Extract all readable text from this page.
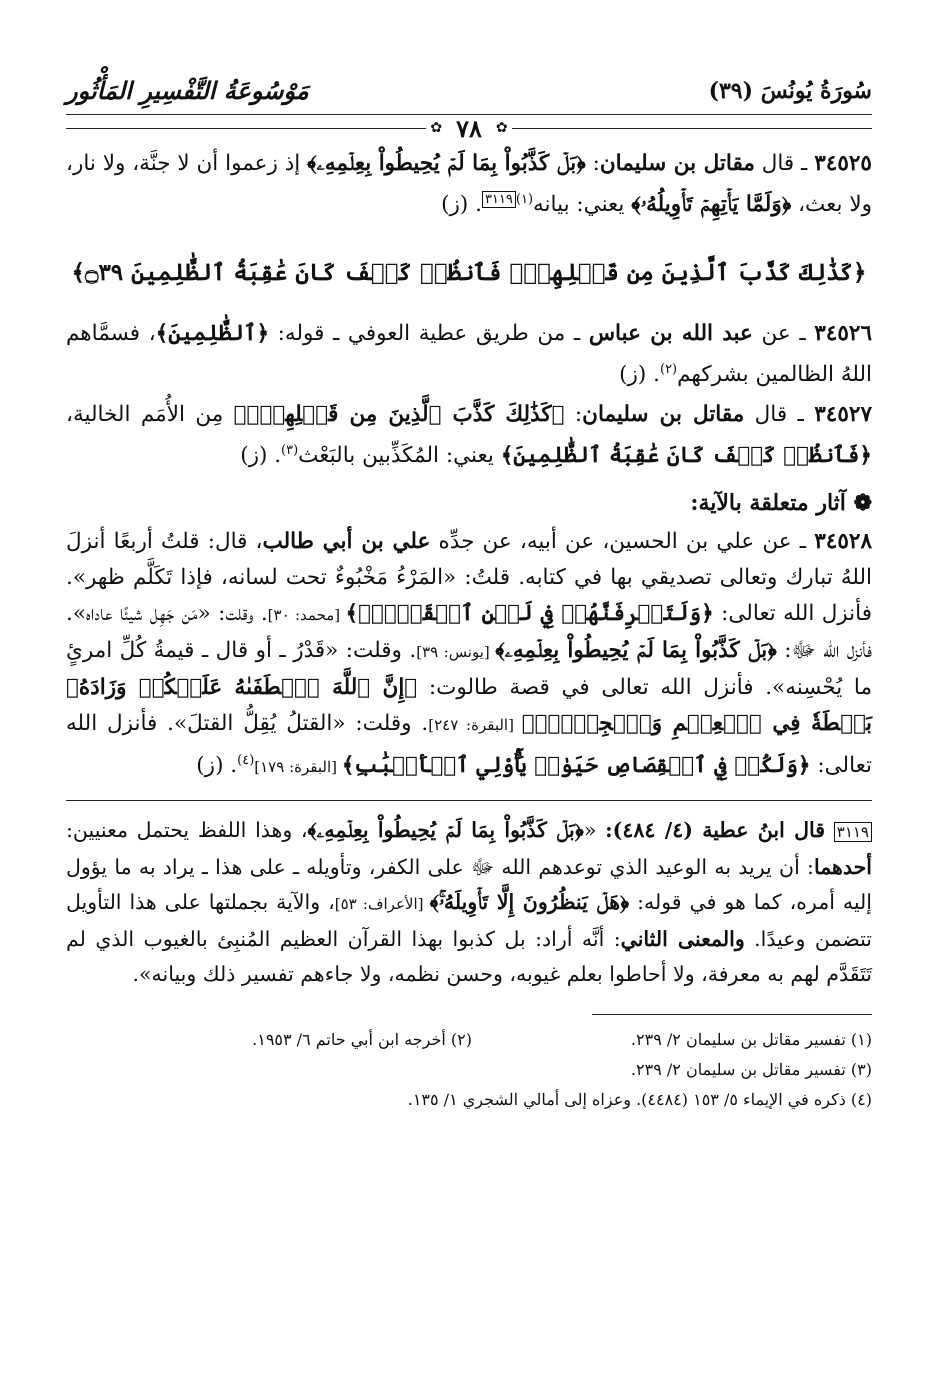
سُورَةُ يُونُسَ (٣٩)
مَوْسُوعَةُ التَّفْسِيرِ المَأْثُور
✿
٧٨
✿

٣٤٥٢٥ ـ قال مقاتل بن سليمان: ﴿بَلۡ كَذَّبُواْ بِمَا لَمۡ يُحِيطُواْ بِعِلۡمِهِۦ﴾ إذ زعموا أن لا جنَّة، ولا نار، ولا بعث، ﴿وَلَمَّا يَأۡتِهِمۡ تَأۡوِيلُهُۥ﴾ يعني: بيانه$^{(١)٣١١٩}$. (ز)

﴿كَذَٰلِكَ كَذَّبَ ٱلَّذِينَ مِن قَبۡلِهِمۡۖ فَٱنظُرۡ كَيۡفَ كَانَ عَٰقِبَةُ ٱلظَّٰلِمِينَ ۝٣٩﴾

٣٤٥٢٦ ـ عن عبد الله بن عباس ـ من طريق عطية العوفي ـ قوله: ﴿ٱلظَّٰلِمِينَ﴾، فسمَّاهم اللهُ الظالمين بشركهم$^{(٢)}$. (ز)

٣٤٥٢٧ ـ قال مقاتل بن سليمان: ﴿كَذَٰلِكَ كَذَّبَ ٱلَّذِينَ مِن قَبۡلِهِمۡۖ﴾ مِن الأُمَم الخالية، ﴿فَٱنظُرۡ كَيۡفَ كَانَ عَٰقِبَةُ ٱلظَّٰلِمِينَ﴾ يعني: المُكَذِّبين بالبَعْث$^{(٣)}$. (ز)

❁ آثار متعلقة بالآية:

٣٤٥٢٨ ـ عن علي بن الحسين، عن أبيه، عن جدِّه علي بن أبي طالب، قال: قلتُ أربعًا أنزلَ اللهُ تبارك وتعالى تصديقي بها في كتابه. قلتُ: «المَرْءُ مَخْبُوءٌ تحت لسانه، فإذا تَكَلَّم ظهر». فأنزل الله تعالى: ﴿وَلَتَعۡرِفَنَّهُمۡ فِي لَحۡنِ ٱلۡقَوۡلِۚ﴾ [محمد: ٣٠]. وقلت: «مَن جَهِل شيئًا عاداه». فأنزل الله ﷻ: ﴿بَلۡ كَذَّبُواْ بِمَا لَمۡ يُحِيطُواْ بِعِلۡمِهِۦ﴾ [يونس: ٣٩]. وقلت: «قَدْرُ ـ أو قال ـ قيمةُ كُلِّ امرئٍ ما يُحْسِنه». فأنزل الله تعالى في قصة طالوت: ﴿إِنَّ ٱللَّهَ ٱصۡطَفَىٰهُ عَلَيۡكُمۡ وَزَادَهُۥ بَسۡطَةٗ فِي ٱلۡعِلۡمِ وَٱلۡجِسۡمِۖ﴾ [البقرة: ٢٤٧]. وقلت: «القتلُ يُقِلُّ القتلَ». فأنزل الله تعالى: ﴿وَلَكُمۡ فِي ٱلۡقِصَاصِ حَيَوٰةٞ يَٰٓأُوْلِي ٱلۡأَلۡبَٰبِ﴾ [البقرة: ١٧٩]$^{(٤)}$. (ز)

٣١١٩ قال ابنُ عطية (٤/ ٤٨٤): «﴿بَلۡ كَذَّبُواْ بِمَا لَمۡ يُحِيطُواْ بِعِلۡمِهِۦ﴾، وهذا اللفظ يحتمل معنيين: أحدهما: أن يريد به الوعيد الذي توعدهم الله ﷻ على الكفر، وتأويله ـ على هذا ـ يراد به ما يؤول إليه أمره، كما هو في قوله: ﴿هَلۡ يَنظُرُونَ إِلَّا تَأۡوِيلَهُۥۚ﴾ [الأعراف: ٥٣]، والآية بجملتها على هذا التأويل تتضمن وعيدًا. والمعنى الثاني: أنَّه أراد: بل كذبوا بهذا القرآن العظيم المُنبِئ بالغيوب الذي لم تَتَقَدَّم لهم به معرفة، ولا أحاطوا بعلم غيوبه، وحسن نظمه، ولا جاءهم تفسير ذلك وبيانه».

(١) تفسير مقاتل بن سليمان ٢/ ٢٣٩.
(٢) أخرجه ابن أبي حاتم ٦/ ١٩٥٣.
(٣) تفسير مقاتل بن سليمان ٢/ ٢٣٩.
(٤) ذكره في الإيماء ٥/ ١٥٣ (٤٤٨٤). وعزاه إلى أمالي الشجري ١/ ١٣٥.
